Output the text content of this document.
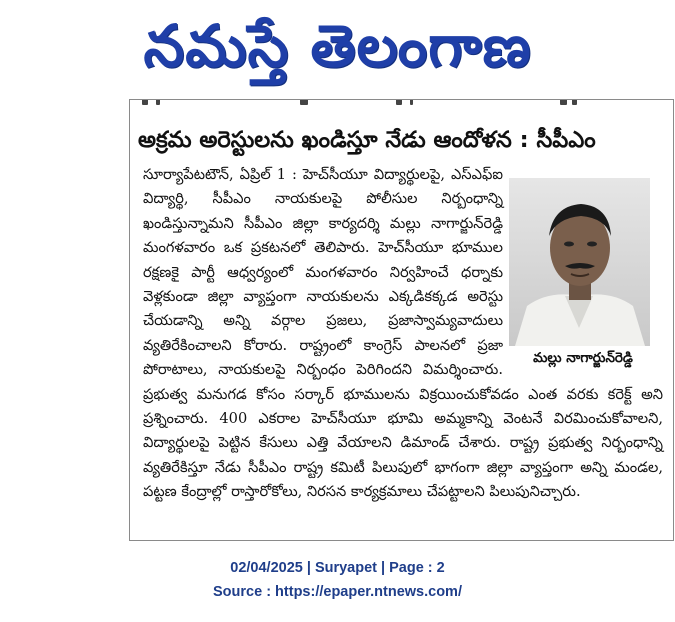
నమస్తే తెలంగాణ
అక్రమ అరెస్టులను ఖండిస్తూ నేడు ఆందోళన : సీపీఎం
మల్లు నాగార్జున్‌రెడ్డి
సూర్యాపేటటౌన్‌, ఏప్రిల్‌ 1 : హెచ్‌సీయూ విద్యార్థులపై, ఎస్‌ఎఫ్‌ఐ విద్యార్థి, సీపీఎం నాయకులపై పోలీసుల నిర్బంధాన్ని ఖండిస్తున్నామని సీపీఎం జిల్లా కార్యదర్శి మల్లు నాగార్జున్‌రెడ్డి మంగళవారం ఒక ప్రకటనలో తెలిపారు. హెచ్‌సీయూ భూముల రక్షణకై పార్టీ ఆధ్వర్యంలో మంగళవారం నిర్వహించే ధర్నాకు వెళ్లకుండా జిల్లా వ్యాప్తంగా నాయకులను ఎక్కడికక్కడ అరెస్టు చేయడాన్ని అన్ని వర్గాల ప్రజలు, ప్రజాస్వామ్యవాదులు వ్యతిరేకించాలని కోరారు. రాష్ట్రంలో కాంగ్రెస్‌ పాలనలో ప్రజా పోరాటాలు, నాయకులపై నిర్బంధం పెరిగిందని విమర్శించారు. ప్రభుత్వ మనుగడ కోసం సర్కార్‌ భూములను విక్రయించుకోవడం ఎంత వరకు కరెక్ట్‌ అని ప్రశ్నించారు. 400 ఎకరాల హెచ్‌సీయూ భూమి అమ్మకాన్ని వెంటనే విరమించుకోవాలని, విద్యార్థులపై పెట్టిన కేసులు ఎత్తి వేయాలని డిమాండ్‌ చేశారు. రాష్ట్ర ప్రభుత్వ నిర్బంధాన్ని వ్యతిరేకిస్తూ నేడు సీపీఎం రాష్ట్ర కమిటీ పిలుపులో భాగంగా జిల్లా వ్యాప్తంగా అన్ని మండల, పట్టణ కేంద్రాల్లో రాస్తారోకోలు, నిరసన కార్యక్రమాలు చేపట్టాలని పిలుపునిచ్చారు.
02/04/2025 | Suryapet | Page : 2
Source : https://epaper.ntnews.com/
